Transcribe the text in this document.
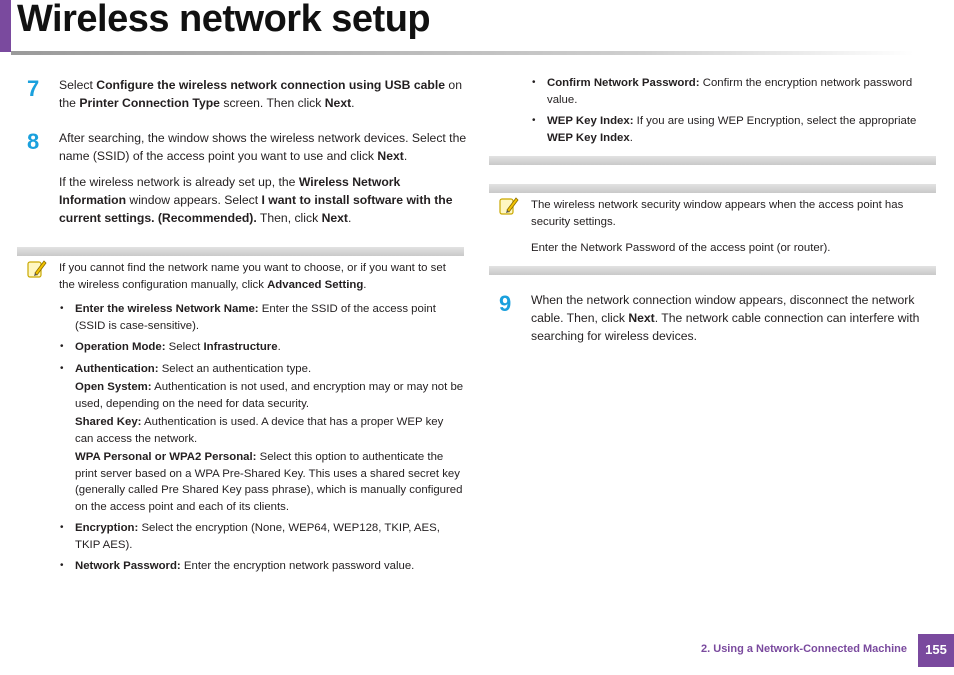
Wireless network setup
7 Select Configure the wireless network connection using USB cable on the Printer Connection Type screen. Then click Next.
8 After searching, the window shows the wireless network devices. Select the name (SSID) of the access point you want to use and click Next.
If the wireless network is already set up, the Wireless Network Information window appears. Select I want to install software with the current settings. (Recommended). Then, click Next.
If you cannot find the network name you want to choose, or if you want to set the wireless configuration manually, click Advanced Setting.
• Enter the wireless Network Name: Enter the SSID of the access point (SSID is case-sensitive).
• Operation Mode: Select Infrastructure.
• Authentication: Select an authentication type.
Open System: Authentication is not used, and encryption may or may not be used, depending on the need for data security.
Shared Key: Authentication is used. A device that has a proper WEP key can access the network.
WPA Personal or WPA2 Personal: Select this option to authenticate the print server based on a WPA Pre-Shared Key. This uses a shared secret key (generally called Pre Shared Key pass phrase), which is manually configured on the access point and each of its clients.
• Encryption: Select the encryption (None, WEP64, WEP128, TKIP, AES, TKIP AES).
• Network Password: Enter the encryption network password value.
• Confirm Network Password: Confirm the encryption network password value.
• WEP Key Index: If you are using WEP Encryption, select the appropriate WEP Key Index.
The wireless network security window appears when the access point has security settings.
Enter the Network Password of the access point (or router).
9 When the network connection window appears, disconnect the network cable. Then, click Next. The network cable connection can interfere with searching for wireless devices.
2. Using a Network-Connected Machine	155
